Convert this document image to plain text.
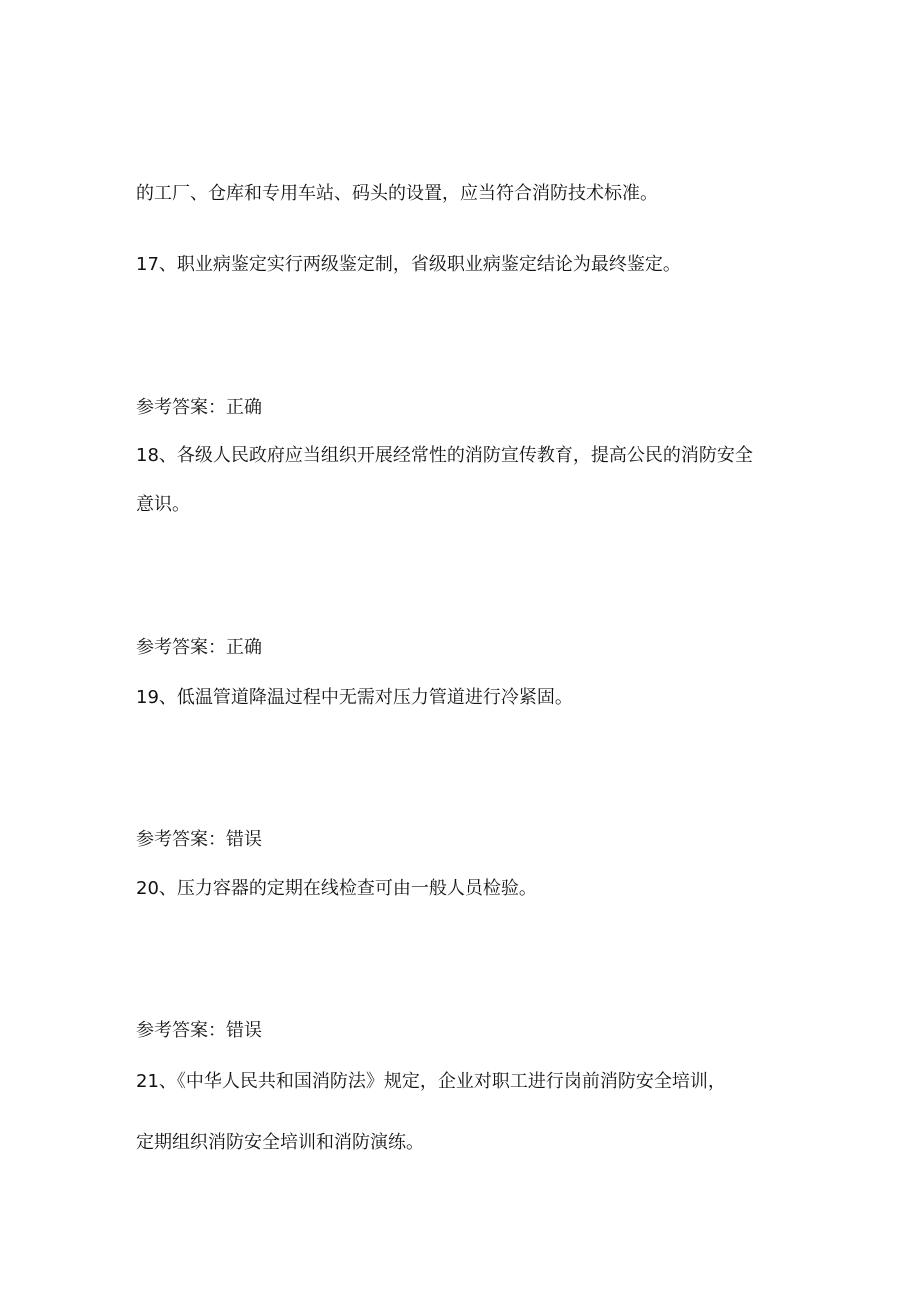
的工厂、仓库和专用车站、码头的设置，应当符合消防技术标准。

17、职业病鉴定实行两级鉴定制，省级职业病鉴定结论为最终鉴定。

参考答案：正确

18、各级人民政府应当组织开展经常性的消防宣传教育，提高公民的消防安全

意识。

参考答案：正确

19、低温管道降温过程中无需对压力管道进行冷紧固。

参考答案：错误

20、压力容器的定期在线检查可由一般人员检验。

参考答案：错误

21、《中华人民共和国消防法》规定，企业对职工进行岗前消防安全培训，

定期组织消防安全培训和消防演练。
